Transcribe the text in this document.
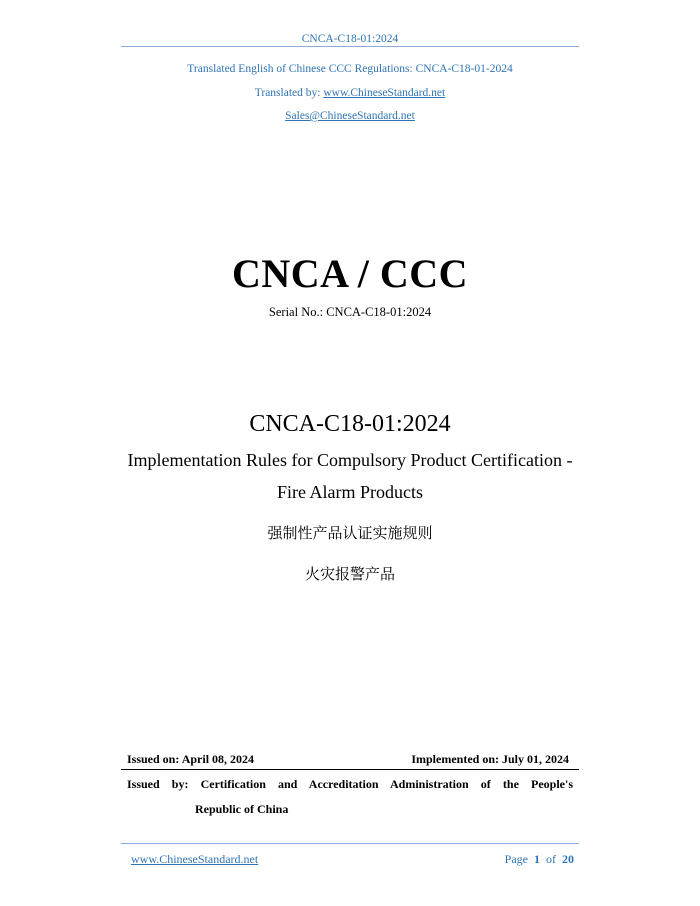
CNCA-C18-01:2024
Translated English of Chinese CCC Regulations: CNCA-C18-01-2024
Translated by: www.ChineseStandard.net
Sales@ChineseStandard.net
CNCA / CCC
Serial No.: CNCA-C18-01:2024
CNCA-C18-01:2024
Implementation Rules for Compulsory Product Certification -
Fire Alarm Products
强制性产品认证实施规则
火灾报警产品
Issued on: April 08, 2024	Implemented on: July 01, 2024
Issued by: Certification and Accreditation Administration of the People's
Republic of China
www.ChineseStandard.net	Page 1 of 20
